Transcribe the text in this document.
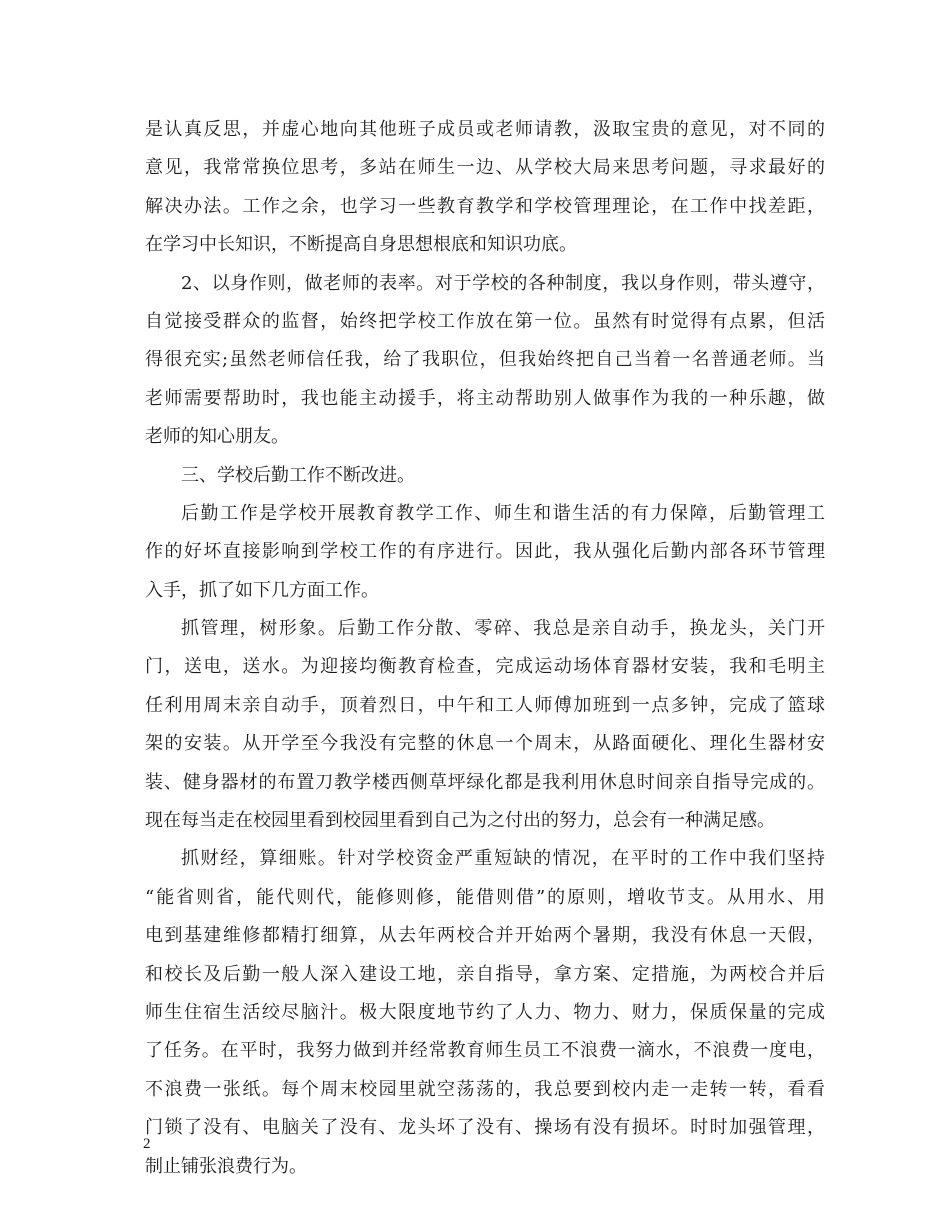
是认真反思，并虚心地向其他班子成员或老师请教，汲取宝贵的意见，对不同的
意见，我常常换位思考，多站在师生一边、从学校大局来思考问题，寻求最好的
解决办法。工作之余，也学习一些教育教学和学校管理理论，在工作中找差距，
在学习中长知识，不断提高自身思想根底和知识功底。
2、以身作则，做老师的表率。对于学校的各种制度，我以身作则，带头遵守，
自觉接受群众的监督，始终把学校工作放在第一位。虽然有时觉得有点累，但活
得很充实;虽然老师信任我，给了我职位，但我始终把自己当着一名普通老师。当
老师需要帮助时，我也能主动援手，将主动帮助别人做事作为我的一种乐趣，做
老师的知心朋友。
三、学校后勤工作不断改进。
后勤工作是学校开展教育教学工作、师生和谐生活的有力保障，后勤管理工
作的好坏直接影响到学校工作的有序进行。因此，我从强化后勤内部各环节管理
入手，抓了如下几方面工作。
抓管理，树形象。后勤工作分散、零碎、我总是亲自动手，换龙头，关门开
门，送电，送水。为迎接均衡教育检查，完成运动场体育器材安装，我和毛明主
任利用周末亲自动手，顶着烈日，中午和工人师傅加班到一点多钟，完成了篮球
架的安装。从开学至今我没有完整的休息一个周末，从路面硬化、理化生器材安
装、健身器材的布置刀教学楼西侧草坪绿化都是我利用休息时间亲自指导完成的。
现在每当走在校园里看到校园里看到自己为之付出的努力，总会有一种满足感。
抓财经，算细账。针对学校资金严重短缺的情况，在平时的工作中我们坚持
“能省则省，能代则代，能修则修，能借则借”的原则，增收节支。从用水、用
电到基建维修都精打细算，从去年两校合并开始两个暑期，我没有休息一天假，
和校长及后勤一般人深入建设工地，亲自指导，拿方案、定措施，为两校合并后
师生住宿生活绞尽脑汁。极大限度地节约了人力、物力、财力，保质保量的完成
了任务。在平时，我努力做到并经常教育师生员工不浪费一滴水，不浪费一度电，
不浪费一张纸。每个周末校园里就空荡荡的，我总要到校内走一走转一转，看看
门锁了没有、电脑关了没有、龙头坏了没有、操场有没有损坏。时时加强管理，
制止铺张浪费行为。
2
